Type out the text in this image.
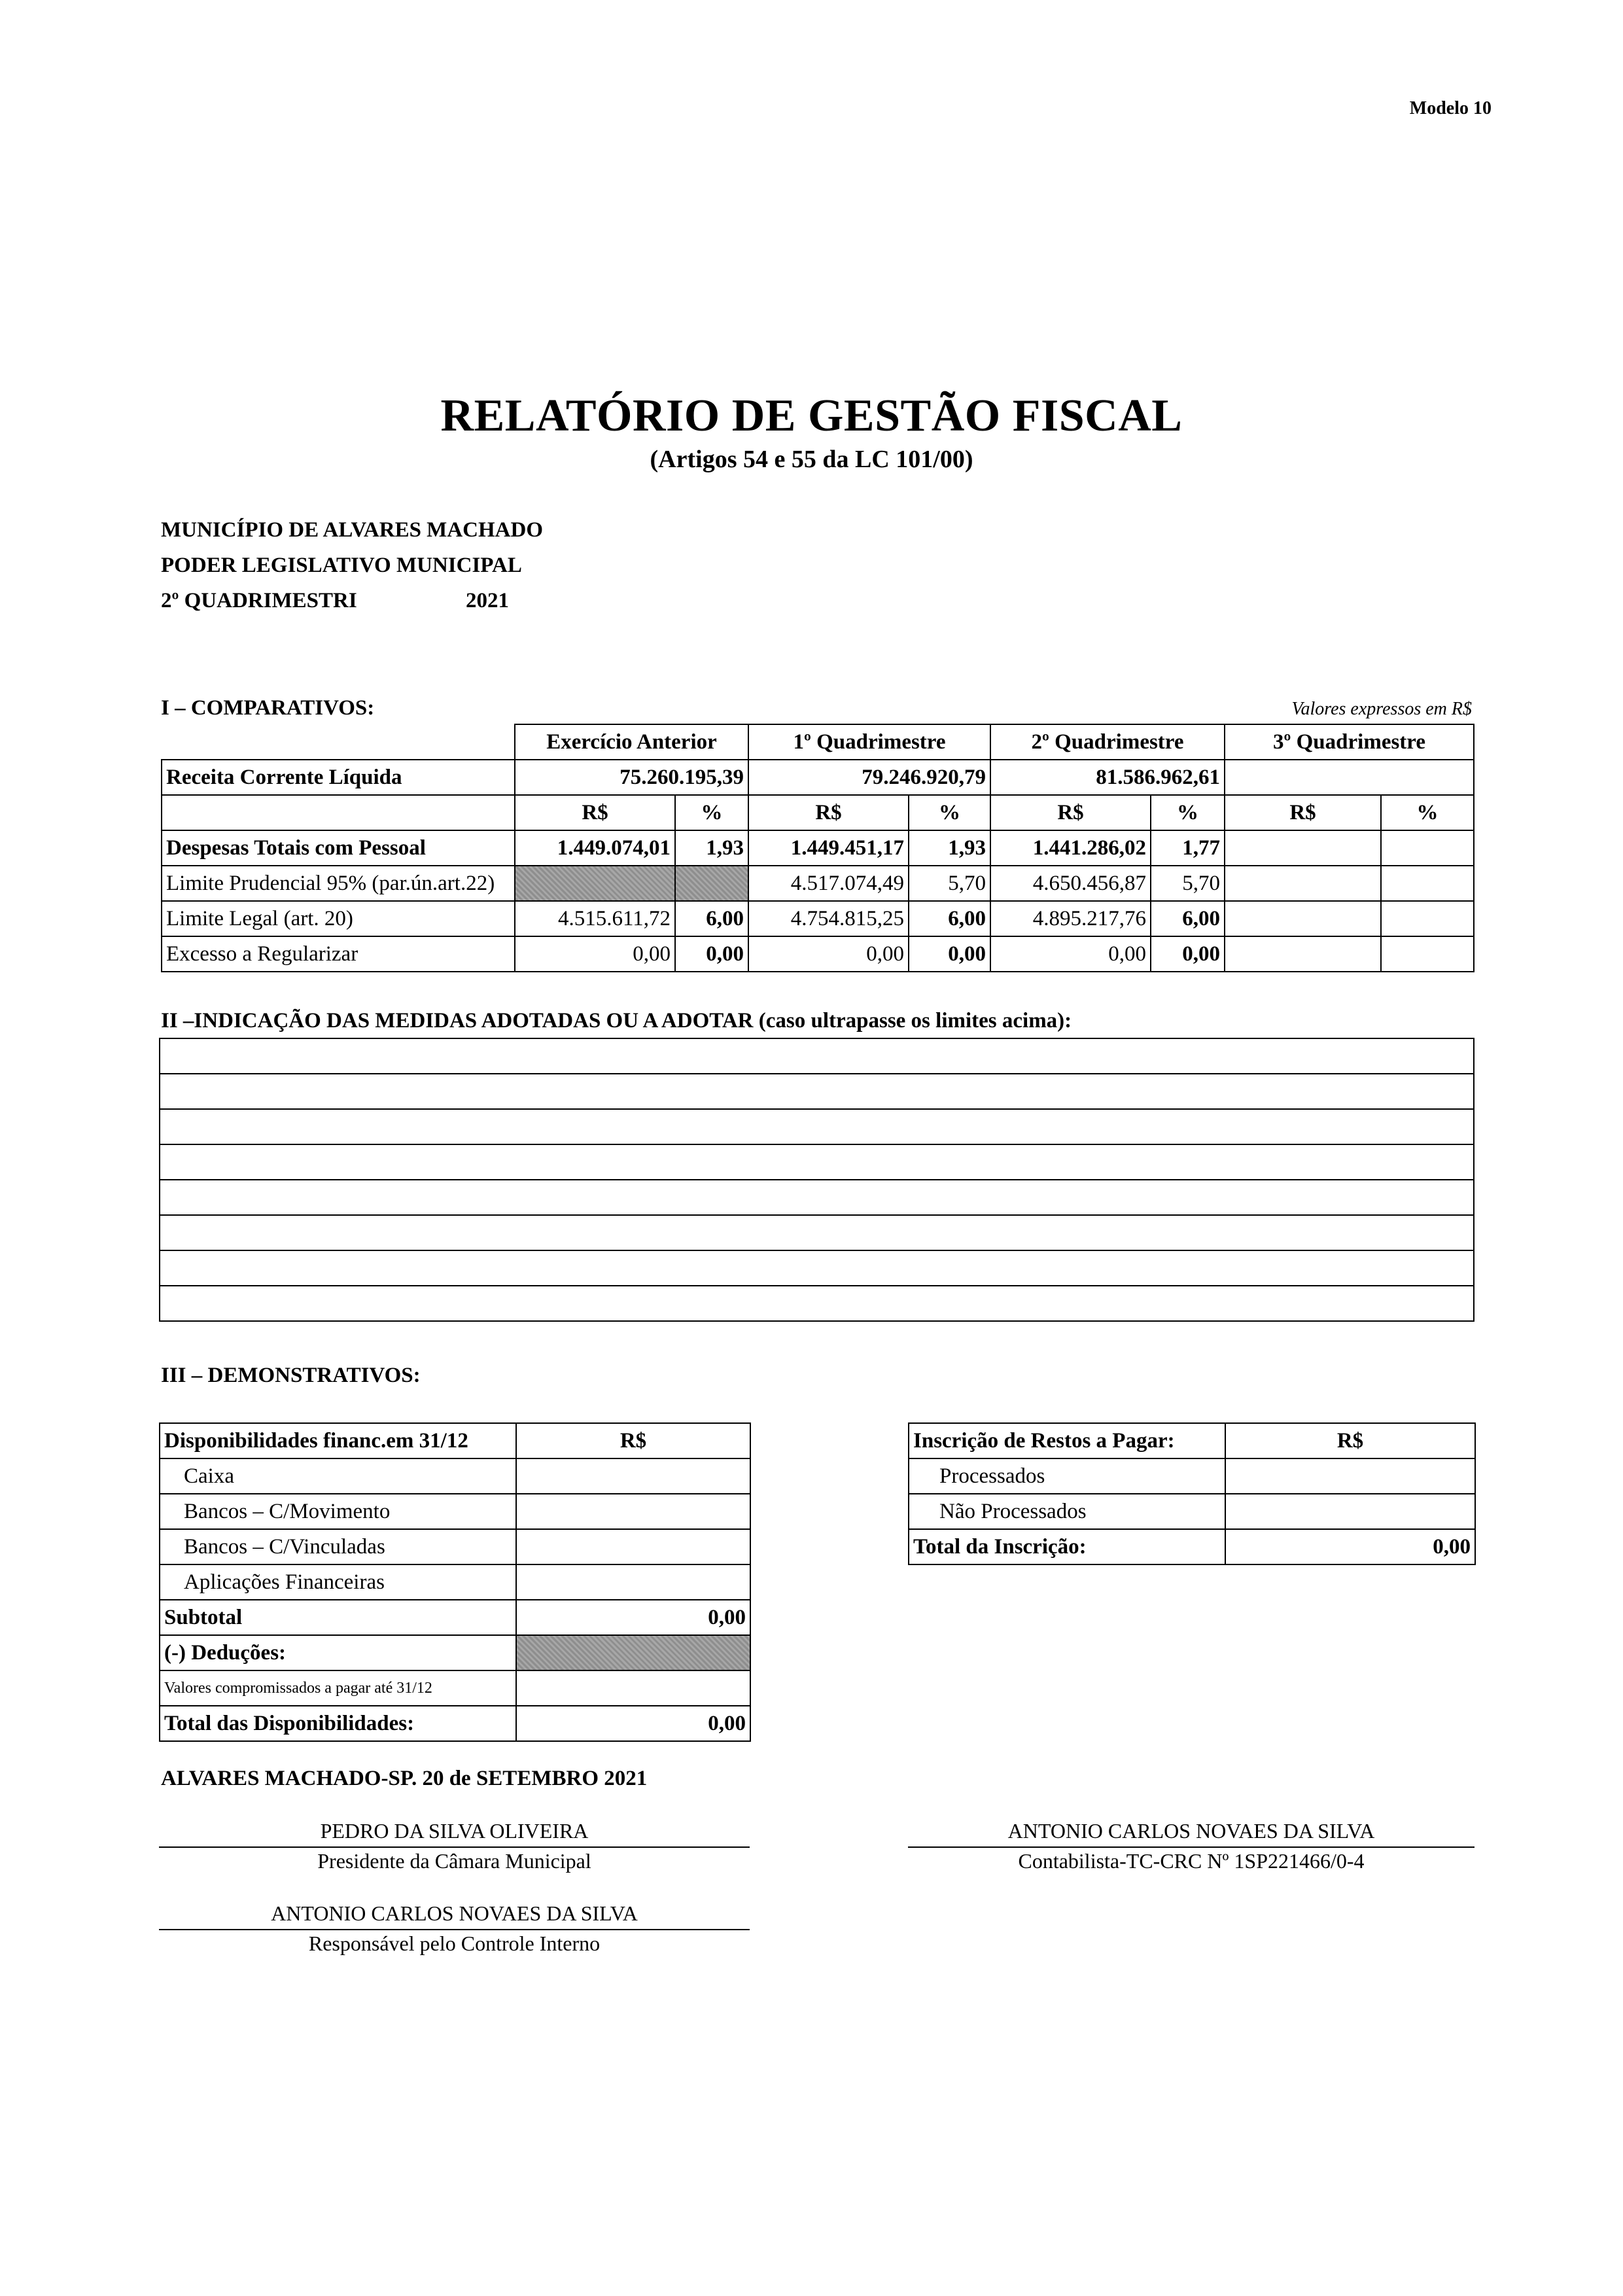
Modelo 10
RELATÓRIO DE GESTÃO FISCAL
(Artigos 54 e 55 da LC 101/00)
MUNICÍPIO DE ALVARES MACHADO
PODER LEGISLATIVO MUNICIPAL
2º QUADRIMESTRI	2021
I – COMPARATIVOS:	Valores expressos em R$
	Exercício Anterior		1º Quadrimestre		2º Quadrimestre		3º Quadrimestre	
Receita Corrente Líquida	75.260.195,39		79.246.920,79		81.586.962,61			
	R$	%	R$	%	R$	%	R$	%
Despesas Totais com Pessoal	1.449.074,01	1,93	1.449.451,17	1,93	1.441.286,02	1,77		
Limite Prudencial 95% (par.ún.art.22)			4.517.074,49	5,70	4.650.456,87	5,70		
Limite Legal (art. 20)	4.515.611,72	6,00	4.754.815,25	6,00	4.895.217,76	6,00		
Excesso a Regularizar	0,00	0,00	0,00	0,00	0,00	0,00		
II –INDICAÇÃO DAS MEDIDAS ADOTADAS OU A ADOTAR (caso ultrapasse os limites acima):

III – DEMONSTRATIVOS:
Disponibilidades financ.em 31/12	R$
Caixa	
Bancos – C/Movimento	
Bancos – C/Vinculadas	
Aplicações Financeiras	
Subtotal	0,00
(-) Deduções:	
Valores compromissados a pagar até 31/12	
Total das Disponibilidades:	0,00
Inscrição de Restos a Pagar:	R$
Processados	
Não Processados	
Total da Inscrição:	0,00
ALVARES MACHADO-SP. 20 de SETEMBRO 2021
PEDRO DA SILVA OLIVEIRA
Presidente da Câmara Municipal
ANTONIO CARLOS NOVAES DA SILVA
Contabilista-TC-CRC Nº 1SP221466/0-4
ANTONIO CARLOS NOVAES DA SILVA
Responsável pelo Controle Interno
